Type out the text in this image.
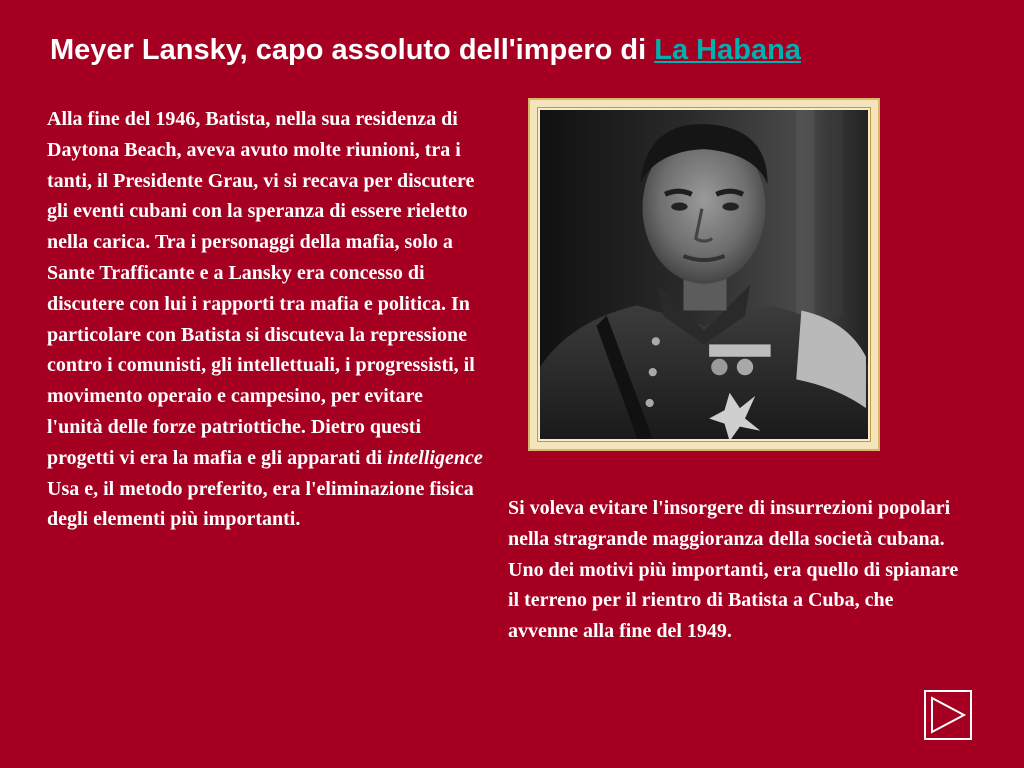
Meyer Lansky, capo assoluto dell'impero di La Habana
Alla fine del 1946, Batista, nella sua residenza di Daytona Beach, aveva avuto molte riunioni, tra i tanti, il Presidente Grau, vi si recava per discutere gli eventi cubani con la speranza di essere rieletto nella carica. Tra i personaggi della mafia, solo a Sante Trafficante e a Lansky era concesso di discutere con lui i rapporti tra mafia e politica. In particolare con Batista si discuteva la repressione contro i comunisti, gli intellettuali, i progressisti, il movimento operaio e campesino, per evitare l'unità delle forze patriottiche. Dietro questi progetti vi era la mafia e gli apparati di intelligence Usa e, il metodo preferito, era l'eliminazione fisica degli elementi più importanti.
Si voleva evitare l'insorgere di insurrezioni popolari nella stragrande maggioranza della società cubana. Uno dei motivi più importanti, era quello di spianare il terreno per il rientro di Batista a Cuba, che avvenne alla fine del 1949.
